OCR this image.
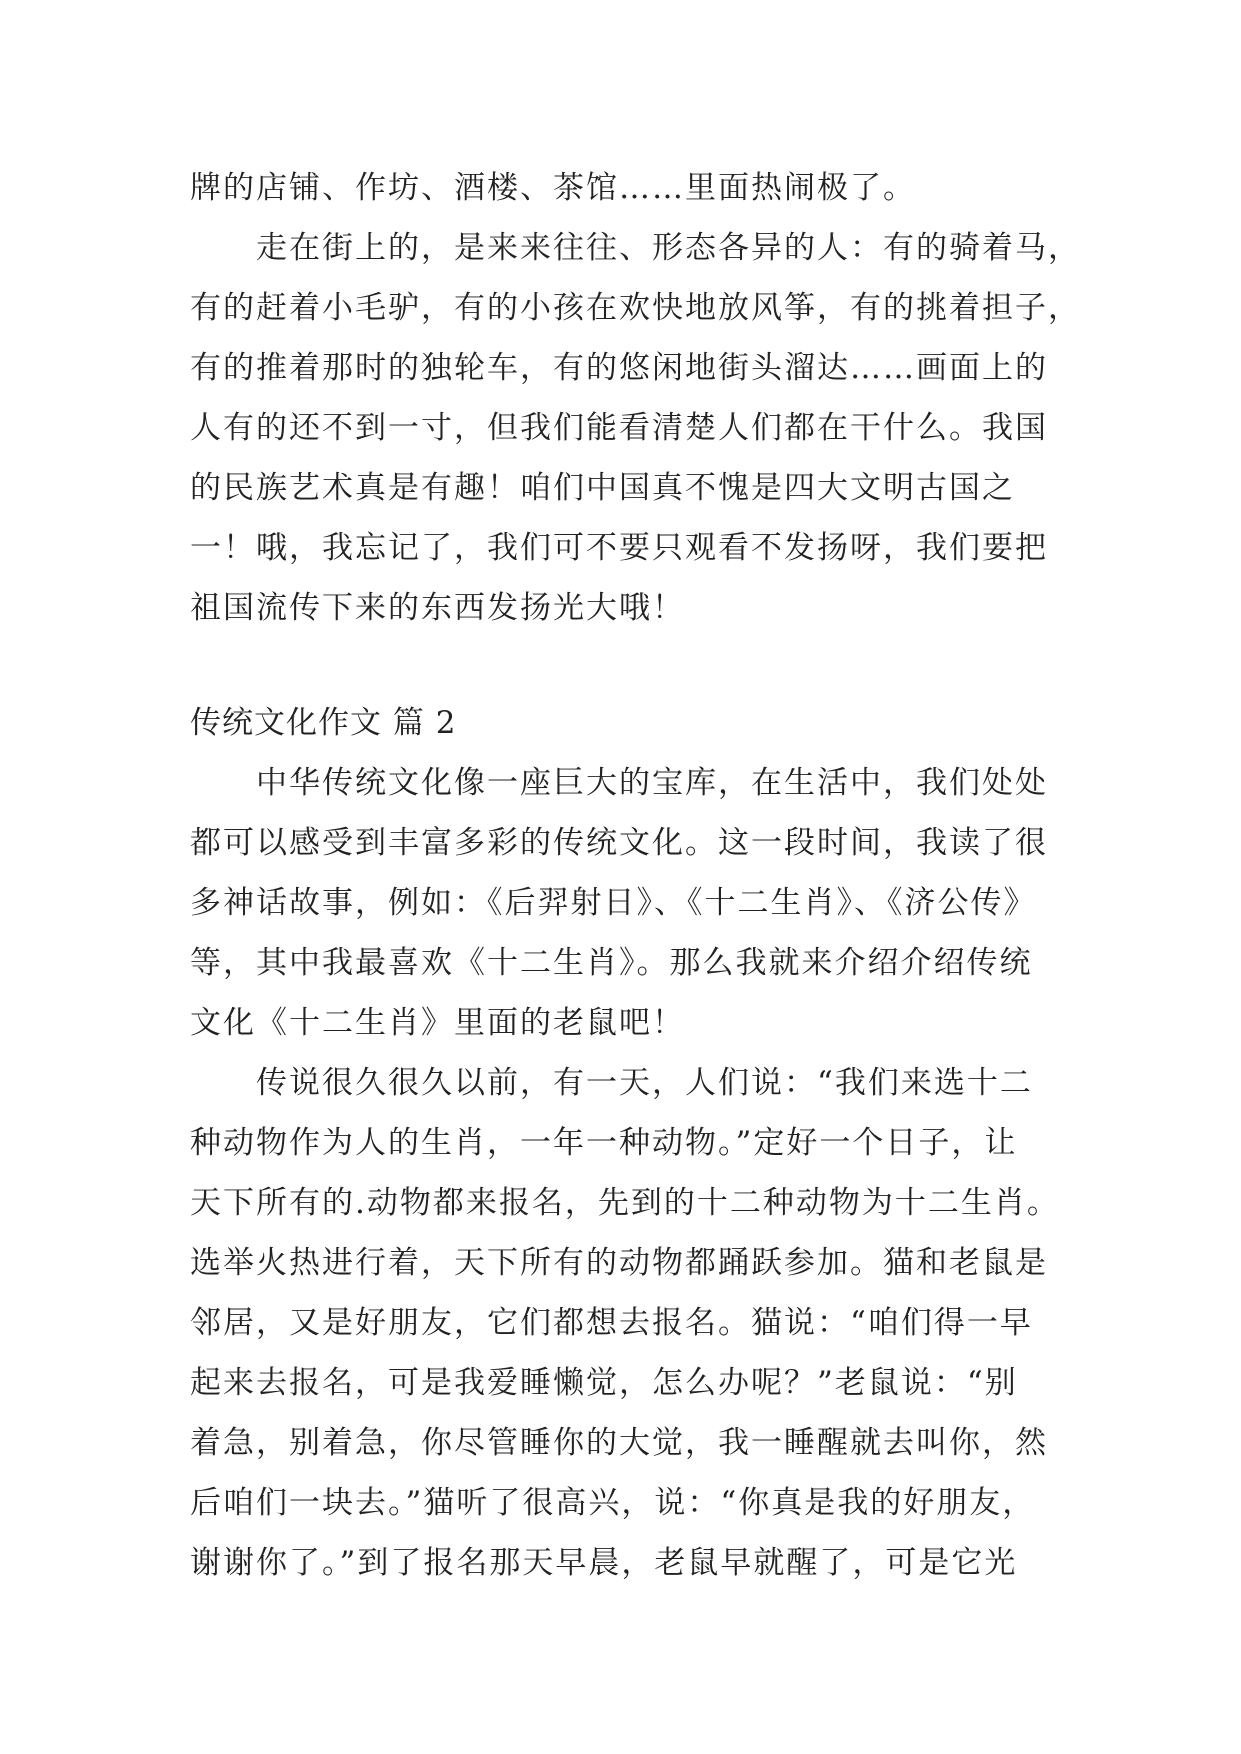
牌的店铺、作坊、酒楼、茶馆……里面热闹极了。
走在街上的，是来来往往、形态各异的人：有的骑着马，
有的赶着小毛驴，有的小孩在欢快地放风筝，有的挑着担子，
有的推着那时的独轮车，有的悠闲地街头溜达……画面上的
人有的还不到一寸，但我们能看清楚人们都在干什么。我国
的民族艺术真是有趣！咱们中国真不愧是四大文明古国之
一！哦，我忘记了，我们可不要只观看不发扬呀，我们要把
祖国流传下来的东西发扬光大哦！
传统文化作文 篇 2
中华传统文化像一座巨大的宝库，在生活中，我们处处
都可以感受到丰富多彩的传统文化。这一段时间，我读了很
多神话故事，例如：《后羿射日》、《十二生肖》、《济公传》
等，其中我最喜欢《十二生肖》。那么我就来介绍介绍传统
文化《十二生肖》里面的老鼠吧！
传说很久很久以前，有一天，人们说：“我们来选十二
种动物作为人的生肖，一年一种动物。”定好一个日子，让
天下所有的.动物都来报名，先到的十二种动物为十二生肖。
选举火热进行着，天下所有的动物都踊跃参加。猫和老鼠是
邻居，又是好朋友，它们都想去报名。猫说：“咱们得一早
起来去报名，可是我爱睡懒觉，怎么办呢？”老鼠说：“别
着急，别着急，你尽管睡你的大觉，我一睡醒就去叫你，然
后咱们一块去。”猫听了很高兴，说：“你真是我的好朋友，
谢谢你了。”到了报名那天早晨，老鼠早就醒了，可是它光
